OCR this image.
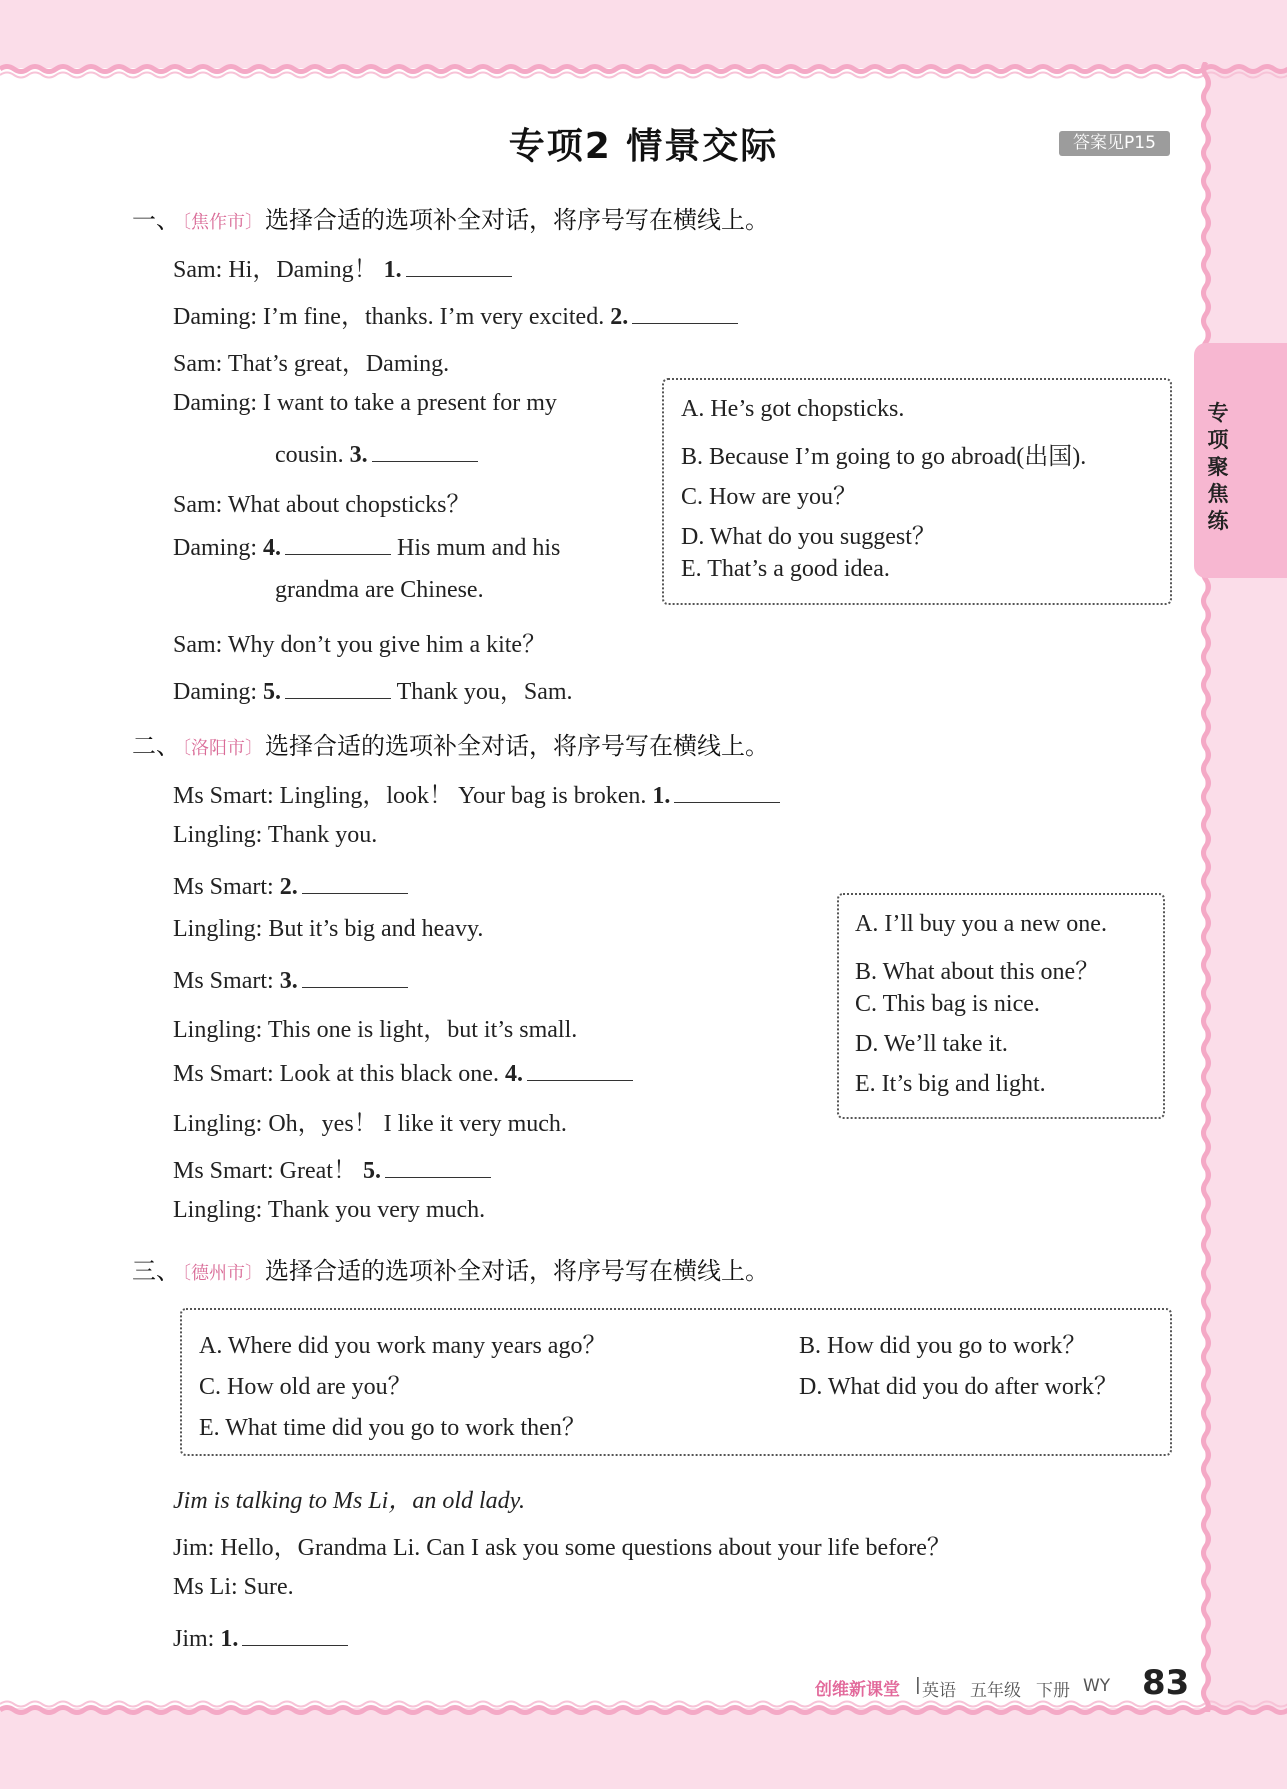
专项2 情景交际	答案见P15
专项聚焦练
一、 〔焦作市〕选择合适的选项补全对话，将序号写在横线上。
Sam: Hi，Daming！ 1.
Daming: I’m fine，thanks. I’m very excited. 2.
Sam: That’s great，Daming.
Daming: I want to take a present for my
cousin. 3.
Sam: What about chopsticks？
Daming: 4.	His mum and his
grandma are Chinese.
Sam: Why don’t you give him a kite？
Daming: 5.	Thank you，Sam.
A. He’s got chopsticks.
B. Because I’m going to go abroad(出国).
C. How are you？
D. What do you suggest？
E. That’s a good idea.
二、 〔洛阳市〕选择合适的选项补全对话，将序号写在横线上。
Ms Smart: Lingling，look！ Your bag is broken. 1.
Lingling: Thank you.
Ms Smart: 2.
Lingling: But it’s big and heavy.
Ms Smart: 3.
Lingling: This one is light，but it’s small.
Ms Smart: Look at this black one. 4.
Lingling: Oh，yes！ I like it very much.
Ms Smart: Great！ 5.
Lingling: Thank you very much.
A. I’ll buy you a new one.
B. What about this one？
C. This bag is nice.
D. We’ll take it.
E. It’s big and light.
三、 〔德州市〕选择合适的选项补全对话，将序号写在横线上。
A. Where did you work many years ago？	B. How did you go to work？
C. How old are you？	D. What did you do after work？
E. What time did you go to work then？
Jim is talking to Ms Li，an old lady.
Jim: Hello，Grandma Li. Can I ask you some questions about your life before？
Ms Li: Sure.
Jim: 1.
创维新课堂 | 英语 五年级 下册 WY 83
